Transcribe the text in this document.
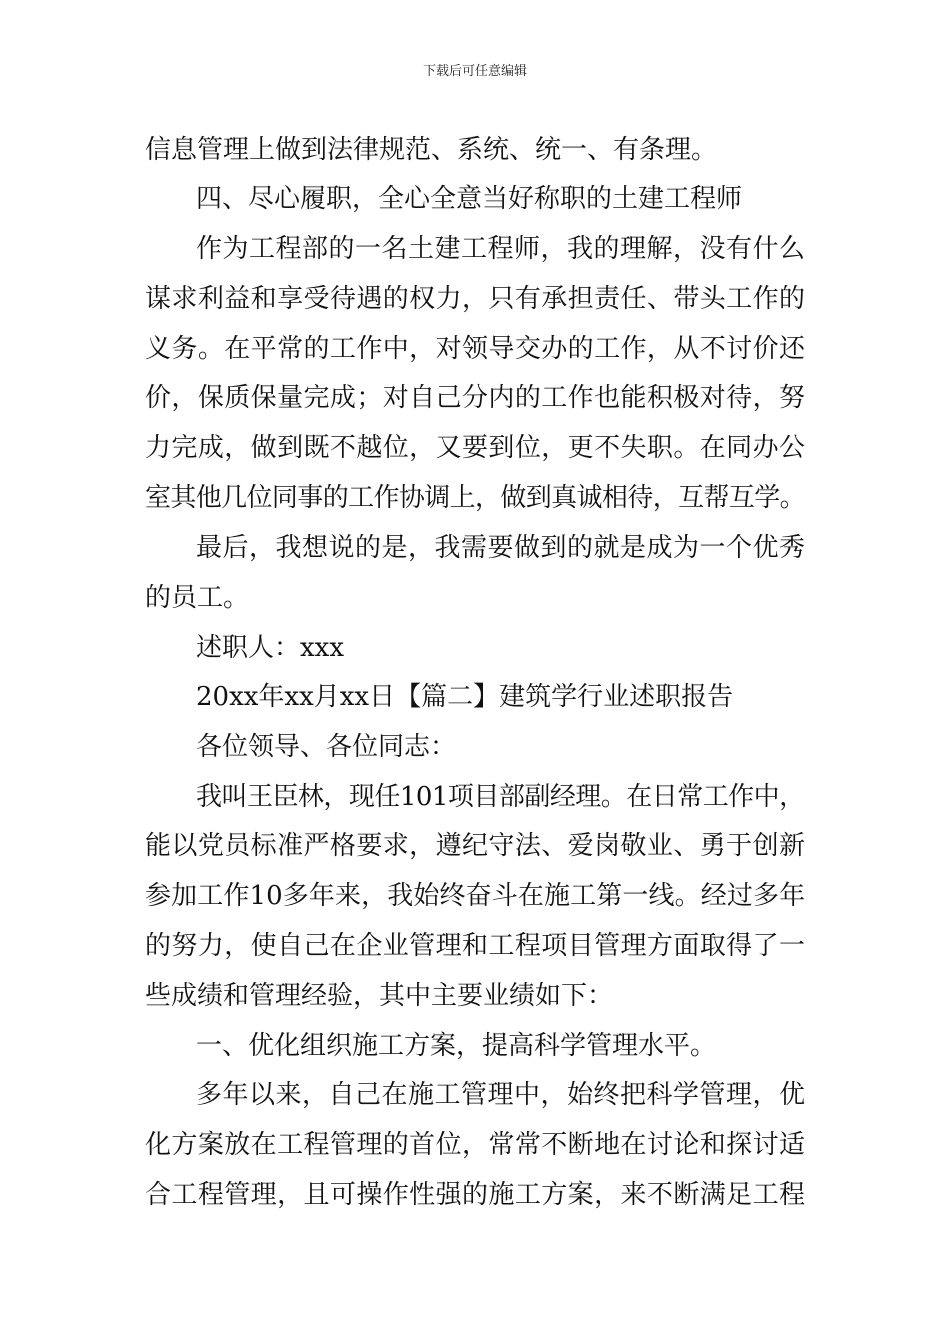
下载后可任意编辑
信息管理上做到法律规范、系统、统一、有条理。
四、尽心履职，全心全意当好称职的土建工程师
作为工程部的一名土建工程师，我的理解，没有什么
谋求利益和享受待遇的权力，只有承担责任、带头工作的
义务。在平常的工作中，对领导交办的工作，从不讨价还
价，保质保量完成；对自己分内的工作也能积极对待，努
力完成，做到既不越位，又要到位，更不失职。在同办公
室其他几位同事的工作协调上，做到真诚相待，互帮互学。
最后，我想说的是，我需要做到的就是成为一个优秀
的员工。
述职人：xxx
20xx年xx月xx日【篇二】建筑学行业述职报告
各位领导、各位同志：
我叫王臣林，现任101项目部副经理。在日常工作中，
能以党员标准严格要求，遵纪守法、爱岗敬业、勇于创新
参加工作10多年来，我始终奋斗在施工第一线。经过多年
的努力，使自己在企业管理和工程项目管理方面取得了一
些成绩和管理经验，其中主要业绩如下：
一、优化组织施工方案，提高科学管理水平。
多年以来，自己在施工管理中，始终把科学管理，优
化方案放在工程管理的首位，常常不断地在讨论和探讨适
合工程管理，且可操作性强的施工方案，来不断满足工程
